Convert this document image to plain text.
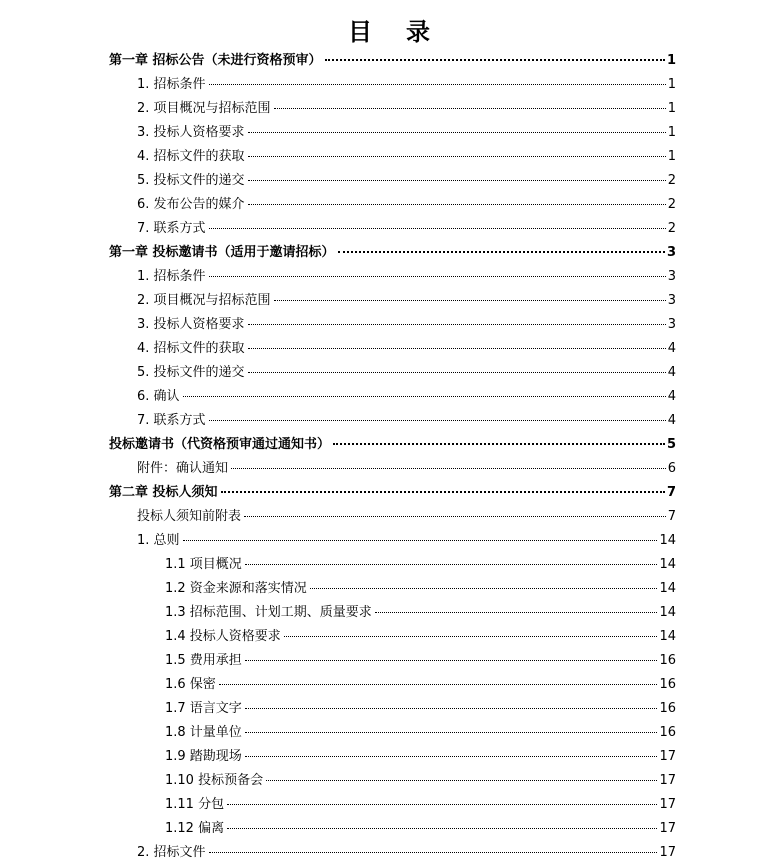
目 录
第一章 招标公告（未进行资格预审）	1
1. 招标条件	1
2. 项目概况与招标范围	1
3. 投标人资格要求	1
4. 招标文件的获取	1
5. 投标文件的递交	2
6. 发布公告的媒介	2
7. 联系方式	2
第一章 投标邀请书（适用于邀请招标）	3
1. 招标条件	3
2. 项目概况与招标范围	3
3. 投标人资格要求	3
4. 招标文件的获取	4
5. 投标文件的递交	4
6. 确认	4
7. 联系方式	4
投标邀请书（代资格预审通过通知书）	5
附件：确认通知	6
第二章 投标人须知	7
投标人须知前附表	7
1. 总则	14
1.1 项目概况	14
1.2 资金来源和落实情况	14
1.3 招标范围、计划工期、质量要求	14
1.4 投标人资格要求	14
1.5 费用承担	16
1.6 保密	16
1.7 语言文字	16
1.8 计量单位	16
1.9 踏勘现场	17
1.10 投标预备会	17
1.11 分包	17
1.12 偏离	17
2. 招标文件	17
